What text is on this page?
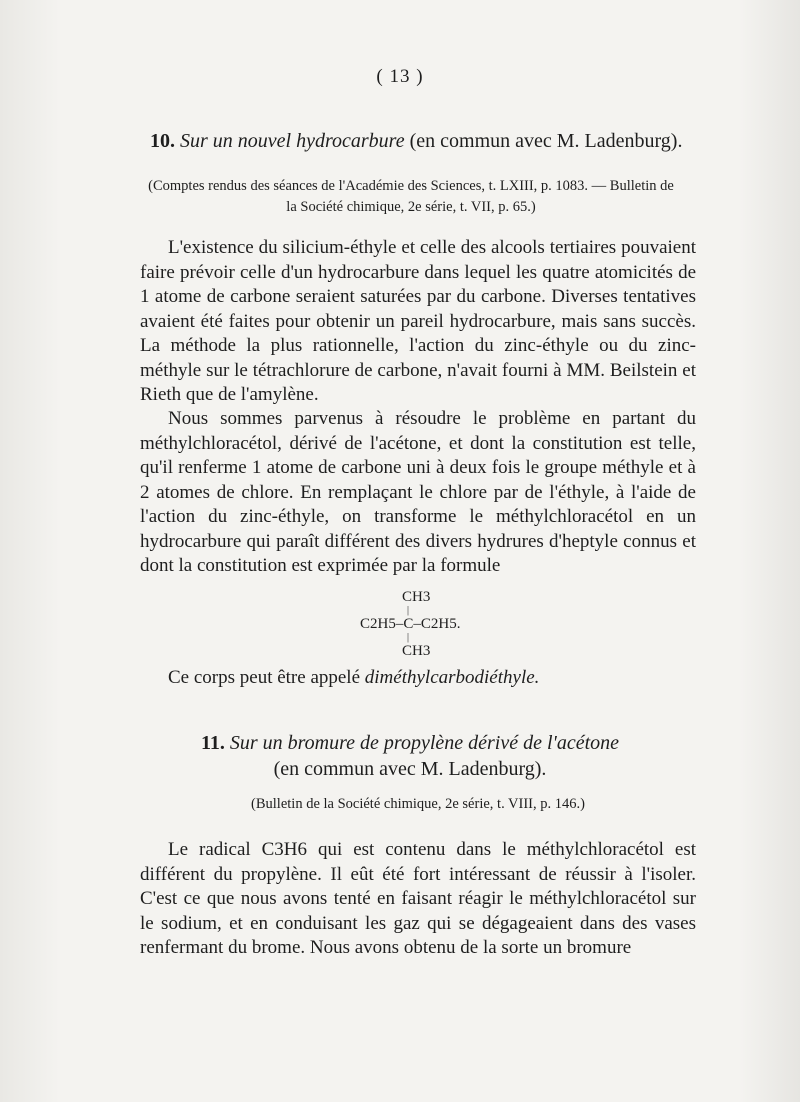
( 13 )
10. Sur un nouvel hydrocarbure (en commun avec M. Ladenburg).
(Comptes rendus des séances de l'Académie des Sciences, t. LXIII, p. 1083. — Bulletin de
la Société chimique, 2e série, t. VII, p. 65.)

L'existence du silicium-éthyle et celle des alcools tertiaires pouvaient faire prévoir celle d'un hydrocarbure dans lequel les quatre atomicités de 1 atome de carbone seraient saturées par du carbone. Diverses tentatives avaient été faites pour obtenir un pareil hydrocarbure, mais sans succès. La méthode la plus rationnelle, l'action du zinc-éthyle ou du zinc-méthyle sur le tétrachlorure de carbone, n'avait fourni à MM. Beilstein et Rieth que de l'amylène.

Nous sommes parvenus à résoudre le problème en partant du méthylchloracétol, dérivé de l'acétone, et dont la constitution est telle, qu'il renferme 1 atome de carbone uni à deux fois le groupe méthyle et à 2 atomes de chlore. En remplaçant le chlore par de l'éthyle, à l'aide de l'action du zinc-éthyle, on transforme le méthylchloracétol en un hydrocarbure qui paraît différent des divers hydrures d'heptyle connus et dont la constitution est exprimée par la formule

CH3
|
C2H5–C–C2H5.
|
CH3

Ce corps peut être appelé diméthylcarbodiéthyle.

11. Sur un bromure de propylène dérivé de l'acétone
(en commun avec M. Ladenburg).
(Bulletin de la Société chimique, 2e série, t. VIII, p. 146.)

Le radical C3H6 qui est contenu dans le méthylchloracétol est différent du propylène. Il eût été fort intéressant de réussir à l'isoler. C'est ce que nous avons tenté en faisant réagir le méthylchloracétol sur le sodium, et en conduisant les gaz qui se dégageaient dans des vases renfermant du brome. Nous avons obtenu de la sorte un bromure
